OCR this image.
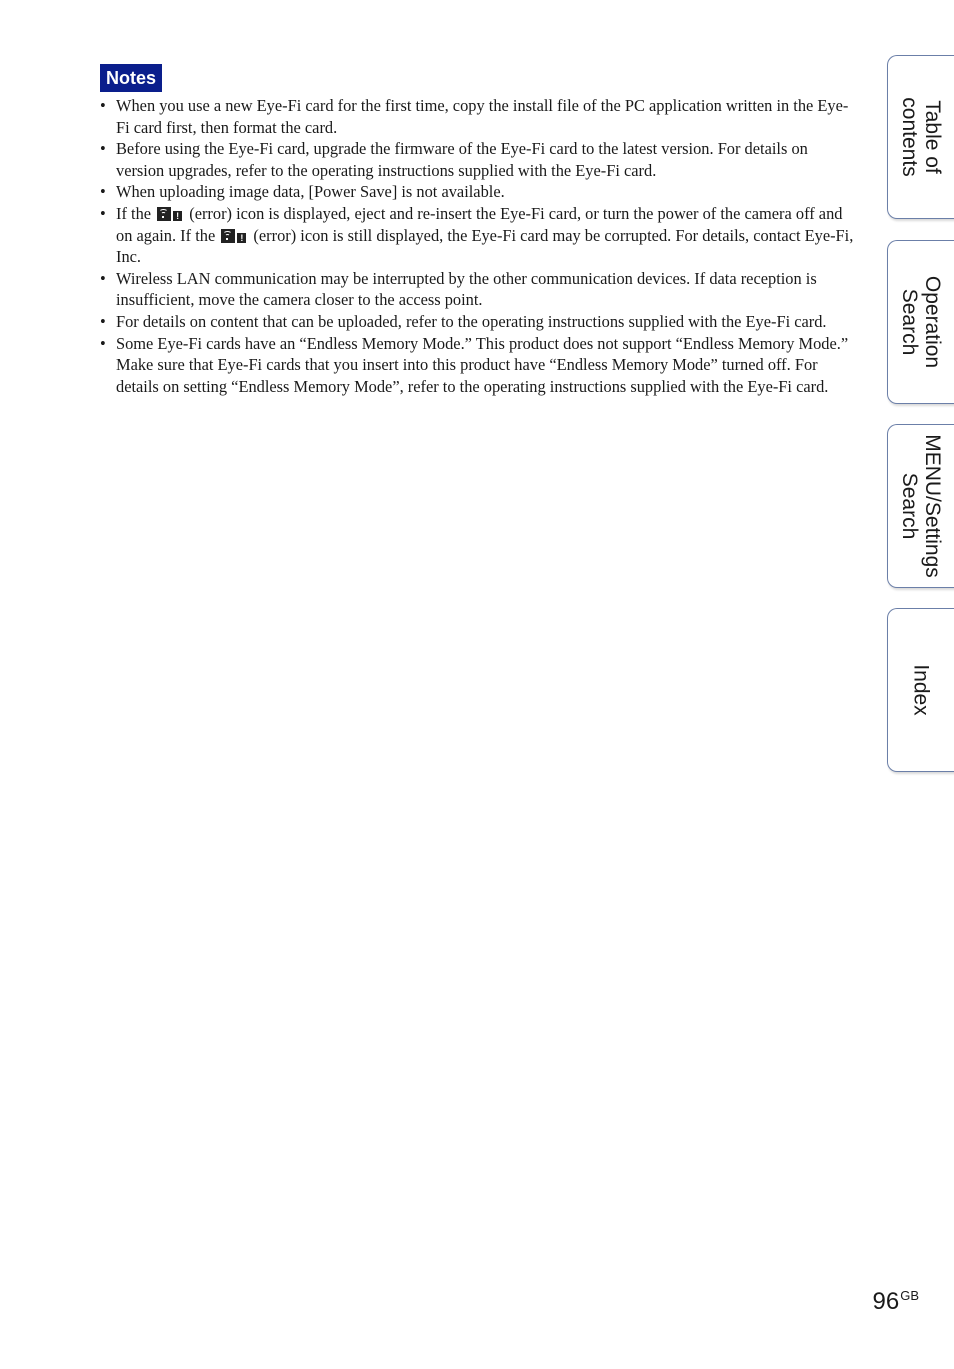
Notes
• When you use a new Eye-Fi card for the first time, copy the install file of the PC application written in the Eye-Fi card first, then format the card.
• Before using the Eye-Fi card, upgrade the firmware of the Eye-Fi card to the latest version. For details on version upgrades, refer to the operating instructions supplied with the Eye-Fi card.
• When uploading image data, [Power Save] is not available.
• If the	! (error) icon is displayed, eject and re-insert the Eye-Fi card, or turn the power of the camera off and on again. If the	! (error) icon is still displayed, the Eye-Fi card may be corrupted. For details, contact Eye-Fi, Inc.
• Wireless LAN communication may be interrupted by the other communication devices. If data reception is insufficient, move the camera closer to the access point.
• For details on content that can be uploaded, refer to the operating instructions supplied with the Eye-Fi card.
• Some Eye-Fi cards have an “Endless Memory Mode.” This product does not support “Endless Memory Mode.” Make sure that Eye-Fi cards that you insert into this product have “Endless Memory Mode” turned off. For details on setting “Endless Memory Mode”, refer to the operating instructions supplied with the Eye-Fi card.
Table of
contents
Operation
Search
MENU/Settings
Search
Index
$96^{GB}$
